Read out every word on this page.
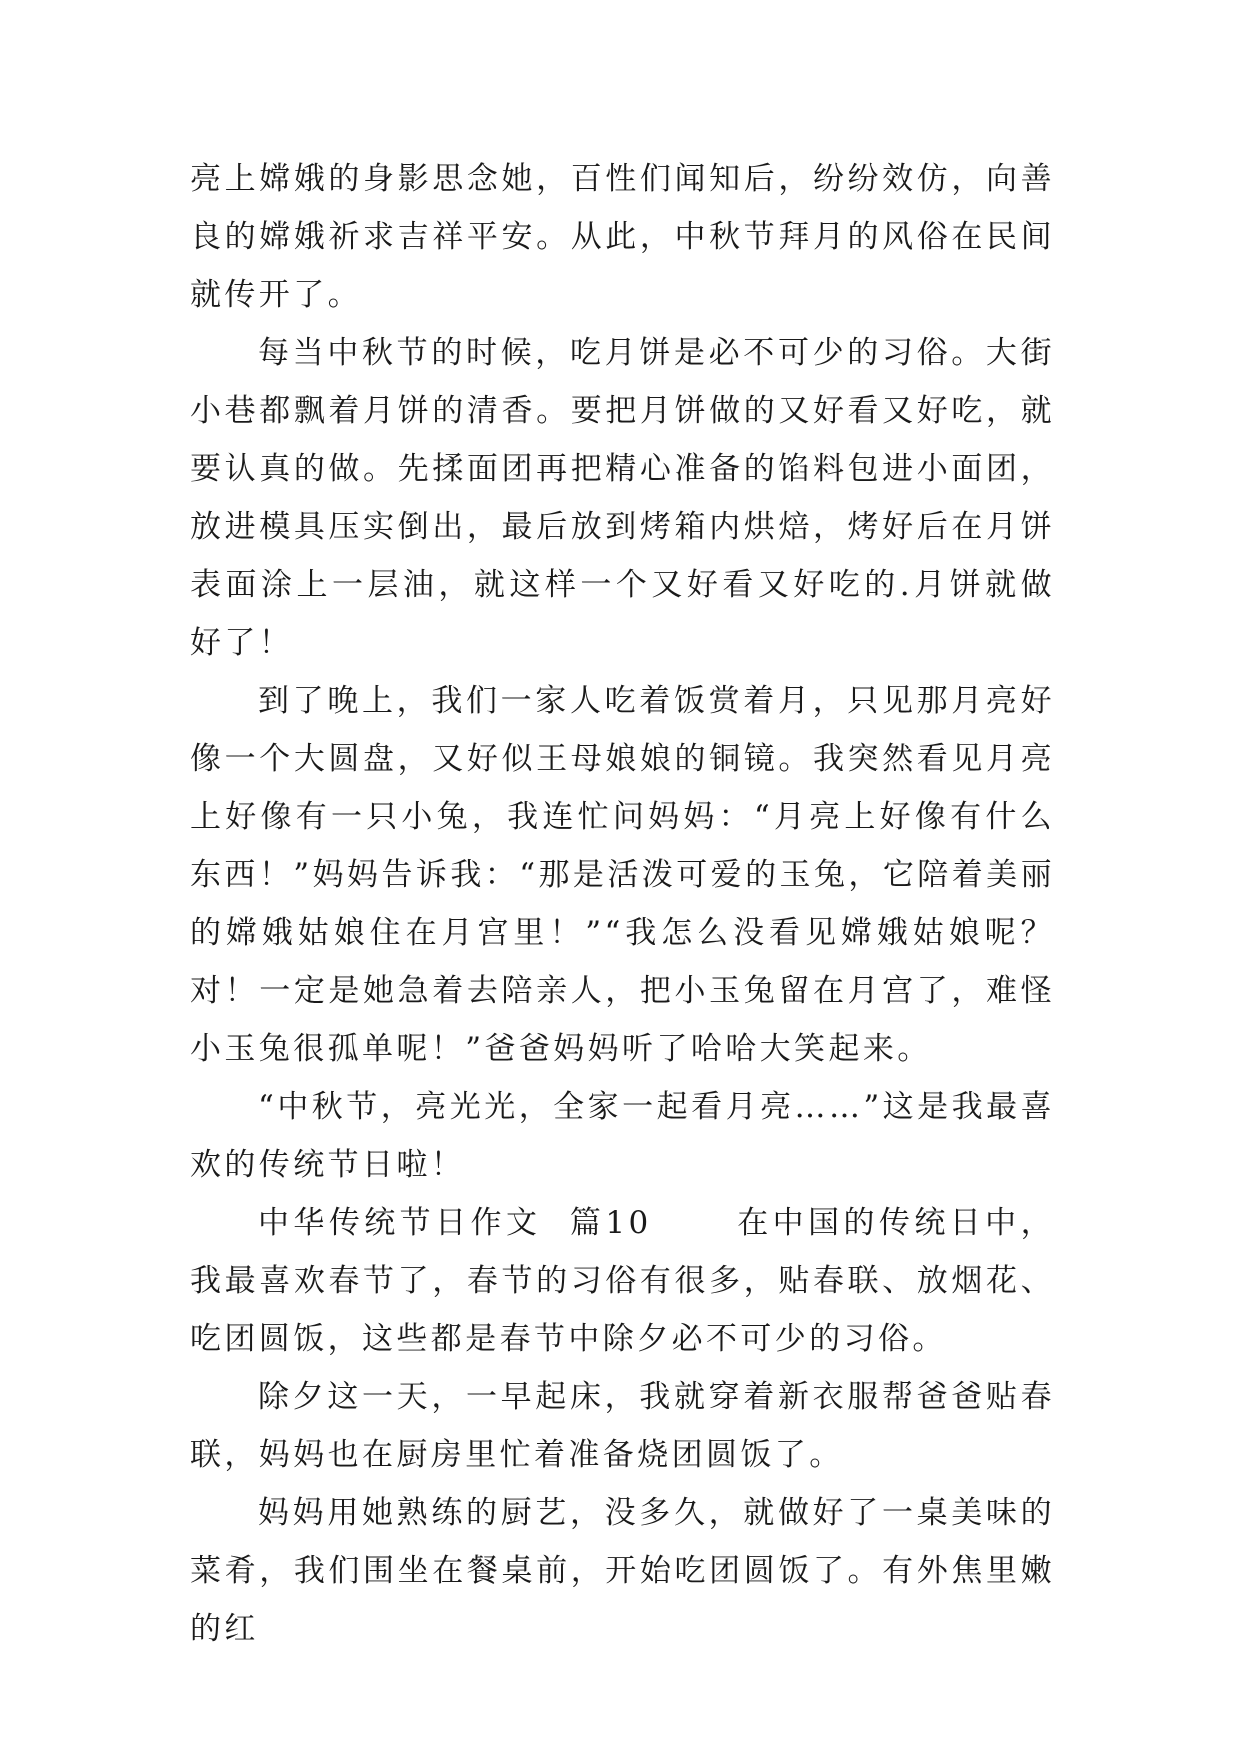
亮上嫦娥的身影思念她，百性们闻知后，纷纷效仿，向善良的嫦娥祈求吉祥平安。从此，中秋节拜月的风俗在民间就传开了。

每当中秋节的时候，吃月饼是必不可少的习俗。大街小巷都飘着月饼的清香。要把月饼做的又好看又好吃，就要认真的做。先揉面团再把精心准备的馅料包进小面团，放进模具压实倒出，最后放到烤箱内烘焙，烤好后在月饼表面涂上一层油，就这样一个又好看又好吃的.月饼就做好了！

到了晚上，我们一家人吃着饭赏着月，只见那月亮好像一个大圆盘，又好似王母娘娘的铜镜。我突然看见月亮上好像有一只小兔，我连忙问妈妈：“月亮上好像有什么东西！”妈妈告诉我：“那是活泼可爱的玉兔，它陪着美丽的嫦娥姑娘住在月宫里！”“我怎么没看见嫦娥姑娘呢？对！一定是她急着去陪亲人，把小玉兔留在月宫了，难怪小玉兔很孤单呢！”爸爸妈妈听了哈哈大笑起来。

“中秋节，亮光光，全家一起看月亮……”这是我最喜欢的传统节日啦！

中华传统节日作文  篇10      在中国的传统日中，我最喜欢春节了，春节的习俗有很多，贴春联、放烟花、吃团圆饭，这些都是春节中除夕必不可少的习俗。

除夕这一天，一早起床，我就穿着新衣服帮爸爸贴春联，妈妈也在厨房里忙着准备烧团圆饭了。

妈妈用她熟练的厨艺，没多久，就做好了一桌美味的菜肴，我们围坐在餐桌前，开始吃团圆饭了。有外焦里嫩的红
